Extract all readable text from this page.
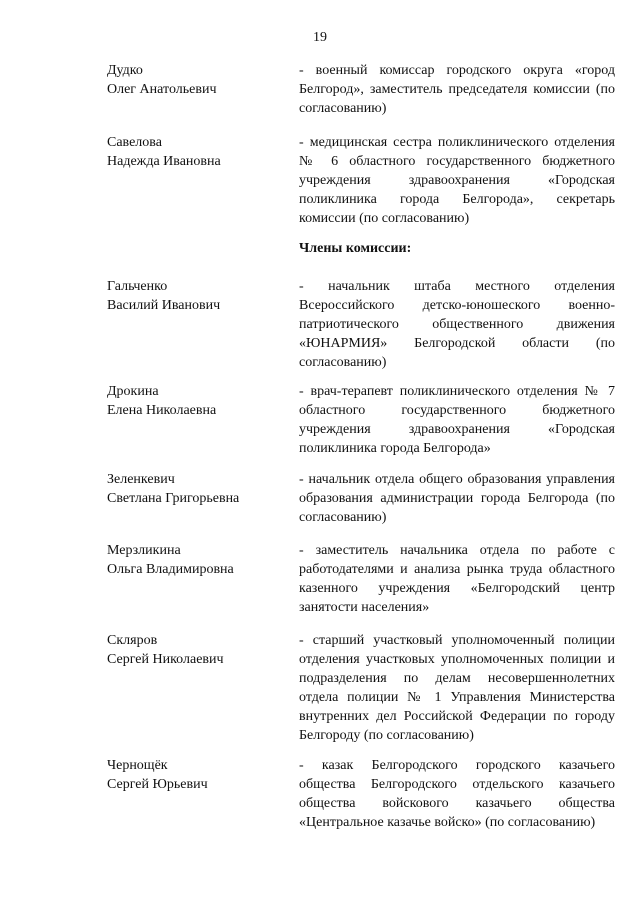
19
Дудко
Олег Анатольевич
- военный комиссар городского округа «город Белгород», заместитель председателя комиссии (по согласованию)
Савелова
Надежда Ивановна
- медицинская сестра поликлинического отделения № 6 областного государственного бюджетного учреждения здравоохранения «Городская поликлиника города Белгорода», секретарь комиссии (по согласованию)
Члены комиссии:
Гальченко
Василий Иванович
- начальник штаба местного отделения Всероссийского детско-юношеского военно-патриотического общественного движения «ЮНАРМИЯ» Белгородской области (по согласованию)
Дрокина
Елена Николаевна
- врач-терапевт поликлинического отделения № 7 областного государственного бюджетного учреждения здравоохранения «Городская поликлиника города Белгорода»
Зеленкевич
Светлана Григорьевна
- начальник отдела общего образования управления образования администрации города Белгорода (по согласованию)
Мерзликина
Ольга Владимировна
- заместитель начальника отдела по работе с работодателями и анализа рынка труда областного казенного учреждения «Белгородский центр занятости населения»
Скляров
Сергей Николаевич
- старший участковый уполномоченный полиции отделения участковых уполномоченных полиции и подразделения по делам несовершеннолетних отдела полиции № 1 Управления Министерства внутренних дел Российской Федерации по городу Белгороду (по согласованию)
Чернощёк
Сергей Юрьевич
- казак Белгородского городского казачьего общества Белгородского отдельского казачьего общества войскового казачьего общества «Центральное казачье войско» (по согласованию)
